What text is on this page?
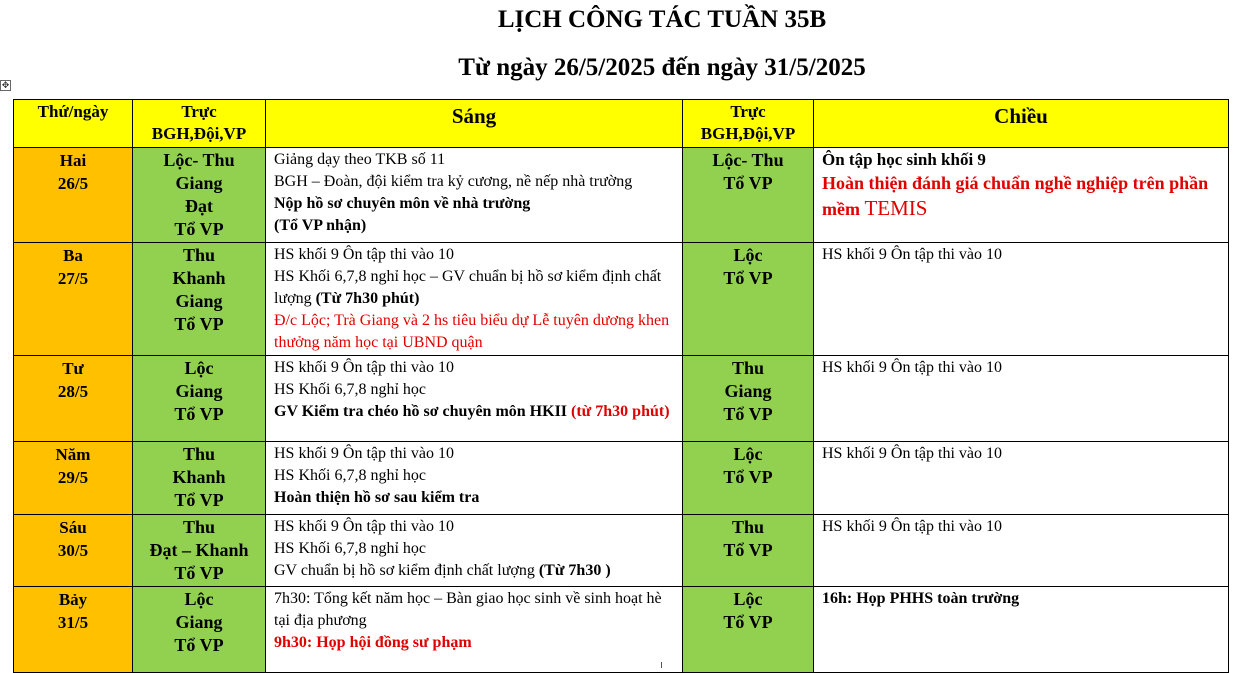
LỊCH CÔNG TÁC TUẦN 35B
Từ ngày 26/5/2025 đến ngày 31/5/2025
✥
Thứ/ngày	Trực
BGH,Đội,VP	Sáng	Trực
BGH,Đội,VP	Chiều

Hai
26/5	Lộc- Thu
Giang
Đạt
Tổ VP	Giảng dạy theo TKB số 11
BGH – Đoàn, đội kiểm tra kỷ cương, nề nếp nhà trường
Nộp hồ sơ chuyên môn về nhà trường
(Tổ VP nhận)	Lộc- Thu
Tổ VP	Ôn tập học sinh khối 9
Hoàn thiện đánh giá chuẩn nghề nghiệp trên phần mềm TEMIS

Ba
27/5	Thu
Khanh
Giang
Tổ VP	HS khối 9 Ôn tập thi vào 10
HS Khối 6,7,8 nghỉ học – GV chuẩn bị hồ sơ kiểm định chất lượng (Từ 7h30 phút)
Đ/c Lộc; Trà Giang và 2 hs tiêu biểu dự Lễ tuyên dương khen thưởng năm học tại UBND quận	Lộc
Tổ VP	HS khối 9 Ôn tập thi vào 10

Tư
28/5	Lộc
Giang
Tổ VP	HS khối 9 Ôn tập thi vào 10
HS Khối 6,7,8 nghỉ học
GV Kiểm tra chéo hồ sơ chuyên môn HKII (từ 7h30 phút)	Thu
Giang
Tổ VP	HS khối 9 Ôn tập thi vào 10

Năm
29/5	Thu
Khanh
Tổ VP	HS khối 9 Ôn tập thi vào 10
HS Khối 6,7,8 nghỉ học
Hoàn thiện hồ sơ sau kiểm tra	Lộc
Tổ VP	HS khối 9 Ôn tập thi vào 10

Sáu
30/5	Thu
Đạt – Khanh
Tổ VP	HS khối 9 Ôn tập thi vào 10
HS Khối 6,7,8 nghỉ học
GV chuẩn bị hồ sơ kiểm định chất lượng (Từ 7h30 )	Thu
Tổ VP	HS khối 9 Ôn tập thi vào 10

Bảy
31/5	Lộc
Giang
Tổ VP	7h30: Tổng kết năm học – Bàn giao học sinh về sinh hoạt hè tại địa phương
9h30: Họp hội đồng sư phạm	Lộc
Tổ VP	16h: Họp PHHS toàn trường
